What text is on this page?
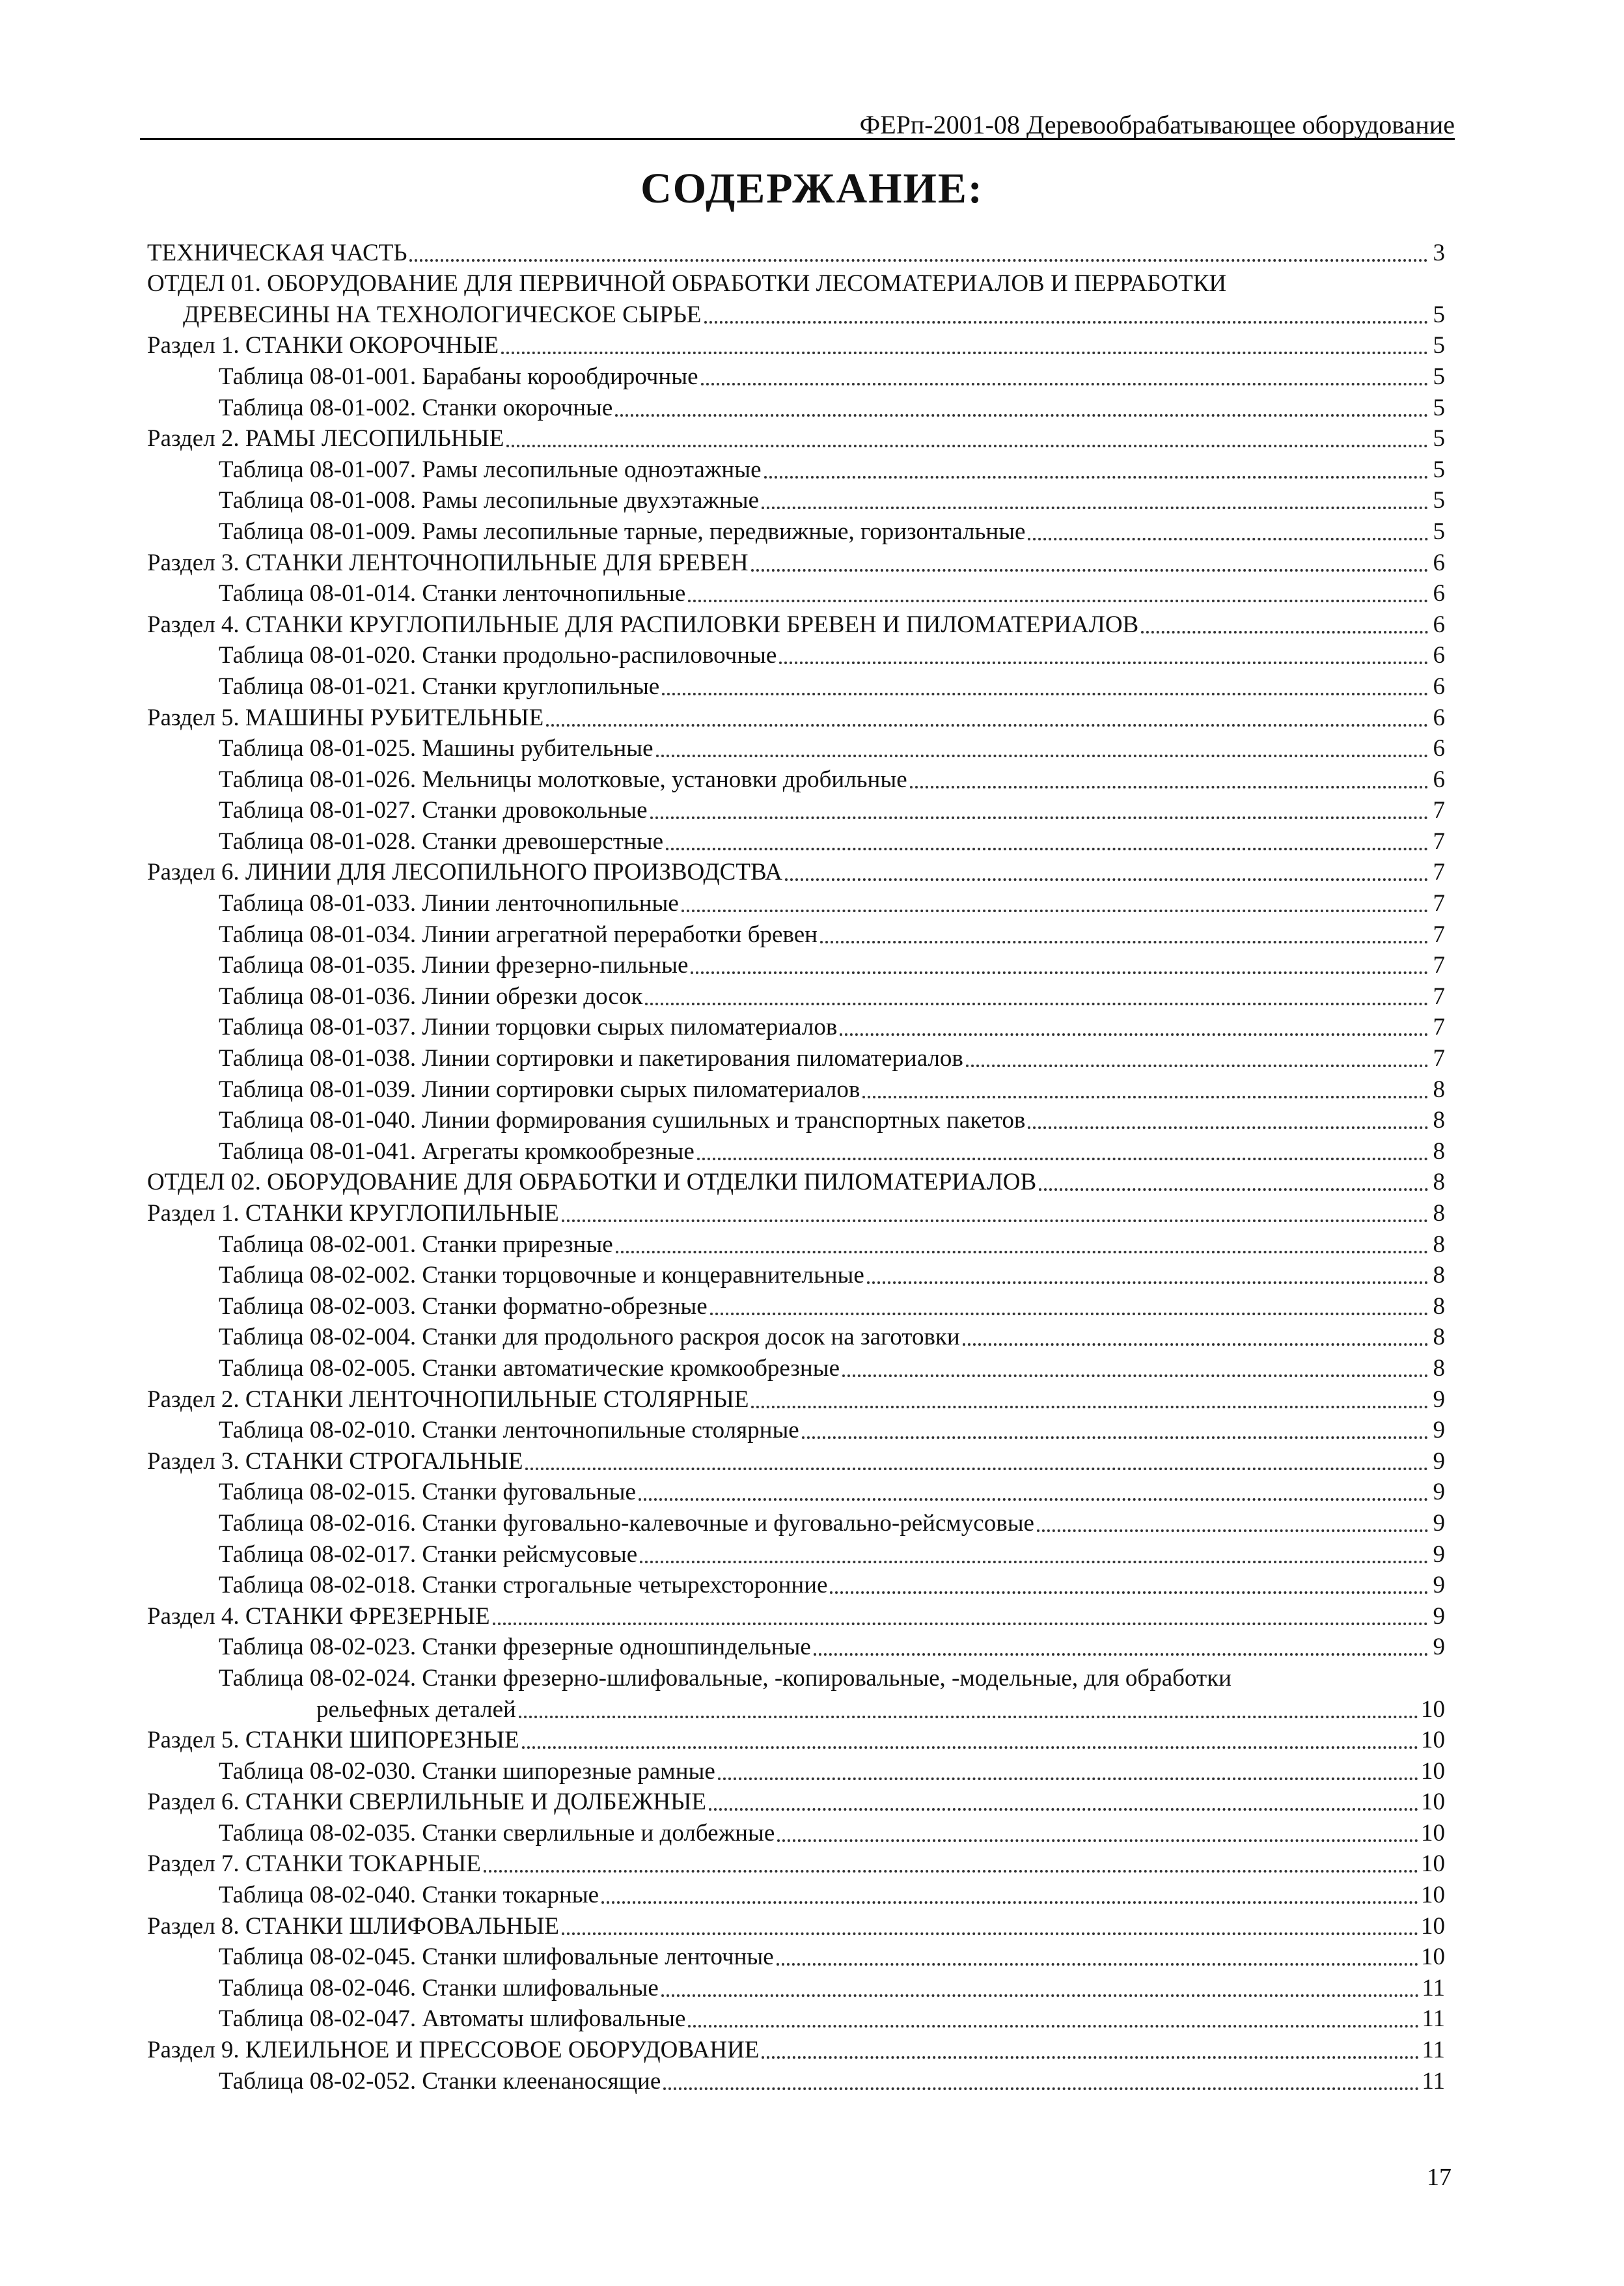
ФЕРп-2001-08 Деревообрабатывающее оборудование
СОДЕРЖАНИЕ:
ТЕХНИЧЕСКАЯ ЧАСТЬ	3
ОТДЕЛ 01. ОБОРУДОВАНИЕ ДЛЯ ПЕРВИЧНОЙ ОБРАБОТКИ ЛЕСОМАТЕРИАЛОВ И ПЕРРАБОТКИ
ДРЕВЕСИНЫ НА ТЕХНОЛОГИЧЕСКОЕ СЫРЬЕ	5
Раздел 1. СТАНКИ ОКОРОЧНЫЕ	5
Таблица 08-01-001. Барабаны корообдирочные	5
Таблица 08-01-002. Станки окорочные	5
Раздел 2. РАМЫ ЛЕСОПИЛЬНЫЕ	5
Таблица 08-01-007. Рамы лесопильные одноэтажные	5
Таблица 08-01-008. Рамы лесопильные двухэтажные	5
Таблица 08-01-009. Рамы лесопильные тарные, передвижные, горизонтальные	5
Раздел 3. СТАНКИ ЛЕНТОЧНОПИЛЬНЫЕ ДЛЯ БРЕВЕН	6
Таблица 08-01-014. Станки ленточнопильные	6
Раздел 4. СТАНКИ КРУГЛОПИЛЬНЫЕ ДЛЯ РАСПИЛОВКИ БРЕВЕН И ПИЛОМАТЕРИАЛОВ	6
Таблица 08-01-020. Станки продольно-распиловочные	6
Таблица 08-01-021. Станки круглопильные	6
Раздел 5. МАШИНЫ РУБИТЕЛЬНЫЕ	6
Таблица 08-01-025. Машины рубительные	6
Таблица 08-01-026. Мельницы молотковые, установки дробильные	6
Таблица 08-01-027. Станки дровокольные	7
Таблица 08-01-028. Станки древошерстные	7
Раздел 6. ЛИНИИ ДЛЯ ЛЕСОПИЛЬНОГО ПРОИЗВОДСТВА	7
Таблица 08-01-033. Линии ленточнопильные	7
Таблица 08-01-034. Линии агрегатной переработки бревен	7
Таблица 08-01-035. Линии фрезерно-пильные	7
Таблица 08-01-036. Линии обрезки досок	7
Таблица 08-01-037. Линии торцовки сырых пиломатериалов	7
Таблица 08-01-038. Линии сортировки и пакетирования пиломатериалов	7
Таблица 08-01-039. Линии сортировки сырых пиломатериалов	8
Таблица 08-01-040. Линии формирования сушильных и транспортных пакетов	8
Таблица 08-01-041. Агрегаты кромкообрезные	8
ОТДЕЛ 02. ОБОРУДОВАНИЕ ДЛЯ ОБРАБОТКИ И ОТДЕЛКИ ПИЛОМАТЕРИАЛОВ	8
Раздел 1. СТАНКИ КРУГЛОПИЛЬНЫЕ	8
Таблица 08-02-001. Станки прирезные	8
Таблица 08-02-002. Станки торцовочные и концеравнительные	8
Таблица 08-02-003. Станки форматно-обрезные	8
Таблица 08-02-004. Станки для продольного раскроя досок на заготовки	8
Таблица 08-02-005. Станки автоматические кромкообрезные	8
Раздел 2. СТАНКИ ЛЕНТОЧНОПИЛЬНЫЕ СТОЛЯРНЫЕ	9
Таблица 08-02-010. Станки ленточнопильные столярные	9
Раздел 3. СТАНКИ СТРОГАЛЬНЫЕ	9
Таблица 08-02-015. Станки фуговальные	9
Таблица 08-02-016. Станки фуговально-калевочные и фуговально-рейсмусовые	9
Таблица 08-02-017. Станки рейсмусовые	9
Таблица 08-02-018. Станки строгальные четырехсторонние	9
Раздел 4. СТАНКИ ФРЕЗЕРНЫЕ	9
Таблица 08-02-023. Станки фрезерные одношпиндельные	9
Таблица 08-02-024. Станки фрезерно-шлифовальные, -копировальные, -модельные, для обработки
рельефных деталей	10
Раздел 5. СТАНКИ ШИПОРЕЗНЫЕ	10
Таблица 08-02-030. Станки шипорезные рамные	10
Раздел 6. СТАНКИ СВЕРЛИЛЬНЫЕ И ДОЛБЕЖНЫЕ	10
Таблица 08-02-035. Станки сверлильные и долбежные	10
Раздел 7. СТАНКИ ТОКАРНЫЕ	10
Таблица 08-02-040. Станки токарные	10
Раздел 8. СТАНКИ ШЛИФОВАЛЬНЫЕ	10
Таблица 08-02-045. Станки шлифовальные ленточные	10
Таблица 08-02-046. Станки шлифовальные	11
Таблица 08-02-047. Автоматы шлифовальные	11
Раздел 9. КЛЕИЛЬНОЕ И ПРЕССОВОЕ ОБОРУДОВАНИЕ	11
Таблица 08-02-052. Станки клеенаносящие	11
17
